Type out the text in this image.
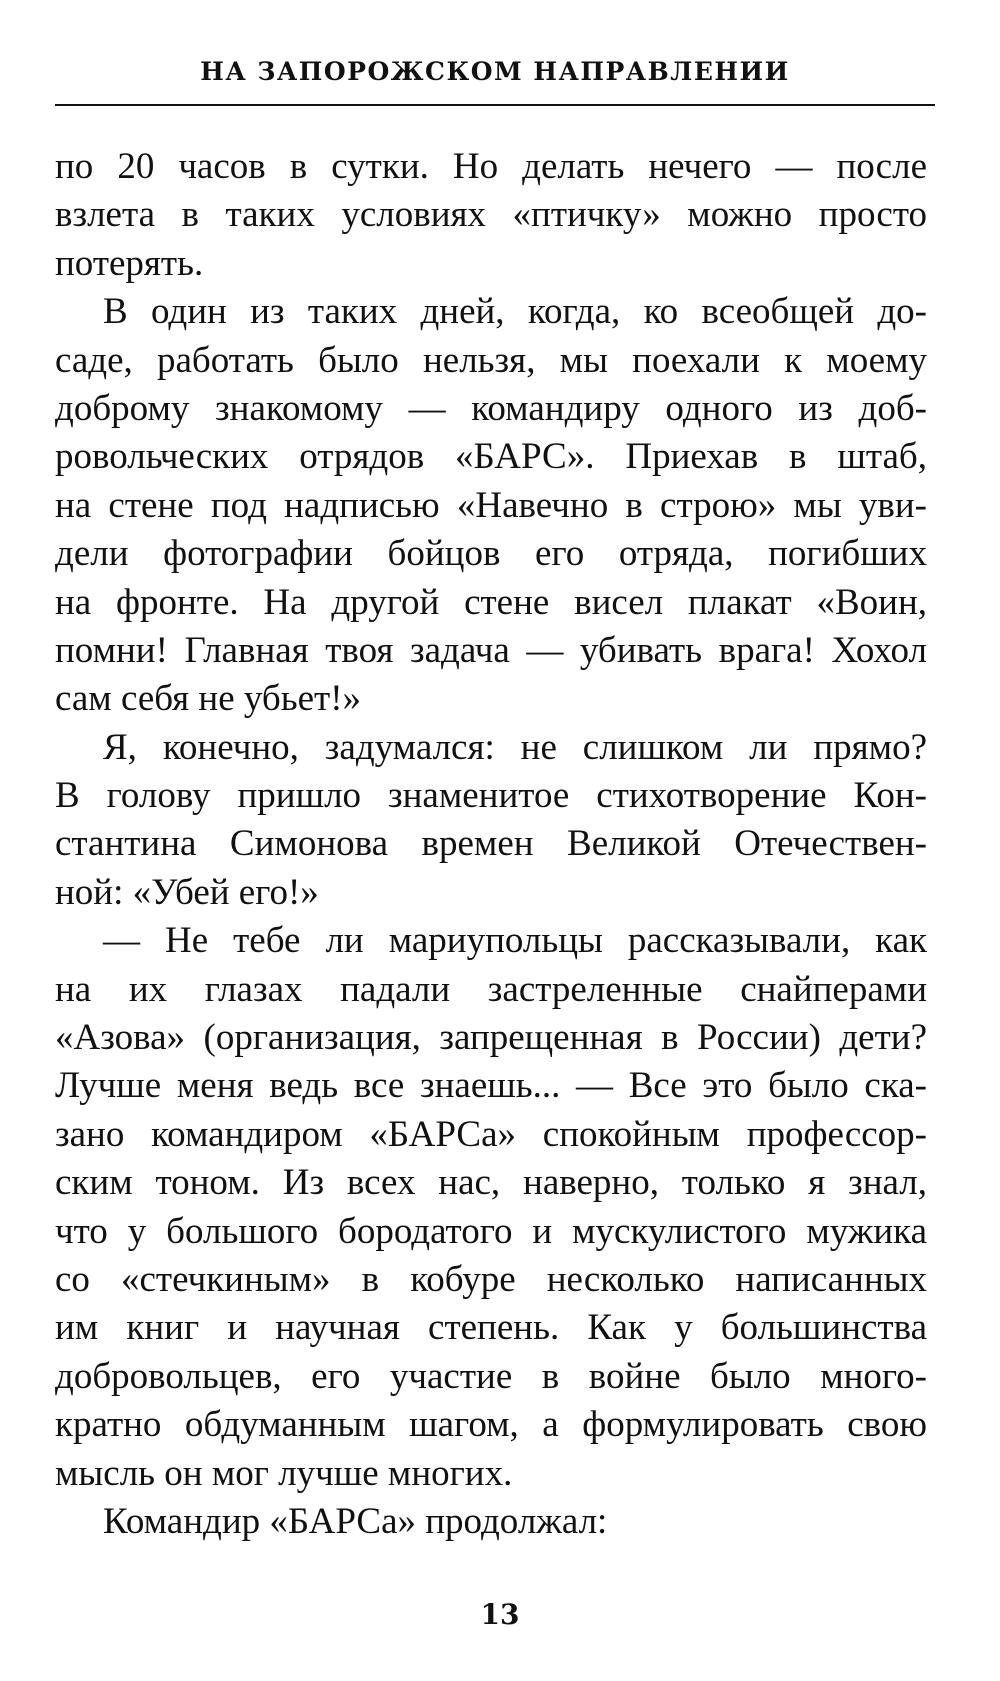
НА ЗАПОРОЖСКОМ НАПРАВЛЕНИИ
по 20 часов в сутки. Но делать нечего — после
взлета в таких условиях «птичку» можно просто
потерять.
В один из таких дней, когда, ко всеобщей до-
саде, работать было нельзя, мы поехали к моему
доброму знакомому — командиру одного из доб-
ровольческих отрядов «БАРС». Приехав в штаб,
на стене под надписью «Навечно в строю» мы уви-
дели фотографии бойцов его отряда, погибших
на фронте. На другой стене висел плакат «Воин,
помни! Главная твоя задача — убивать врага! Хохол
сам себя не убьет!»
Я, конечно, задумался: не слишком ли прямо?
В голову пришло знаменитое стихотворение Кон-
стантина Симонова времен Великой Отечествен-
ной: «Убей его!»
— Не тебе ли мариупольцы рассказывали, как
на их глазах падали застреленные снайперами
«Азова» (организация, запрещенная в России) дети?
Лучше меня ведь все знаешь... — Все это было ска-
зано командиром «БАРСа» спокойным профессор-
ским тоном. Из всех нас, наверно, только я знал,
что у большого бородатого и мускулистого мужика
со «стечкиным» в кобуре несколько написанных
им книг и научная степень. Как у большинства
добровольцев, его участие в войне было много-
кратно обдуманным шагом, а формулировать свою
мысль он мог лучше многих.
Командир «БАРСа» продолжал:
13
